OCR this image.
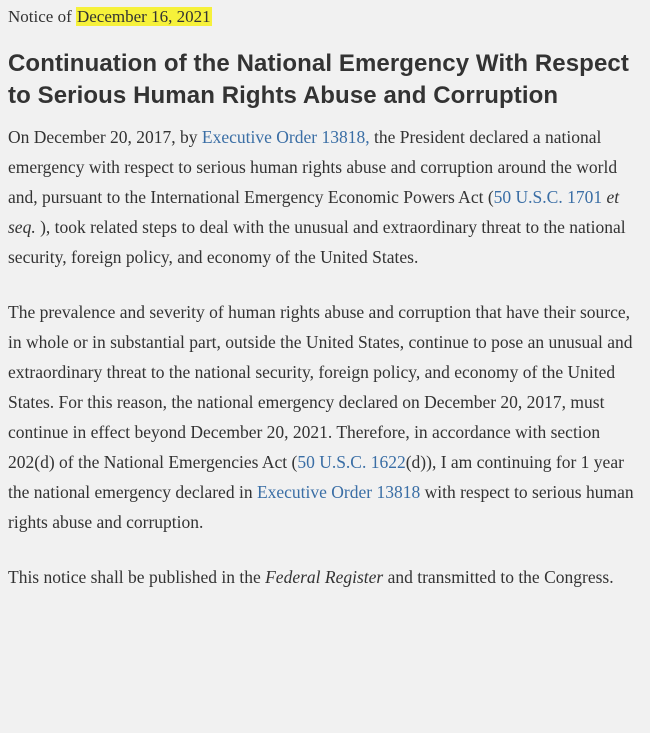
Notice of December 16, 2021

Continuation of the National Emergency With Respect to Serious Human Rights Abuse and Corruption

On December 20, 2017, by Executive Order 13818, the President declared a national emergency with respect to serious human rights abuse and corruption around the world and, pursuant to the International Emergency Economic Powers Act (50 U.S.C. 1701 et seq. ), took related steps to deal with the unusual and extraordinary threat to the national security, foreign policy, and economy of the United States.

The prevalence and severity of human rights abuse and corruption that have their source, in whole or in substantial part, outside the United States, continue to pose an unusual and extraordinary threat to the national security, foreign policy, and economy of the United States. For this reason, the national emergency declared on December 20, 2017, must continue in effect beyond December 20, 2021. Therefore, in accordance with section 202(d) of the National Emergencies Act (50 U.S.C. 1622(d)), I am continuing for 1 year the national emergency declared in Executive Order 13818 with respect to serious human rights abuse and corruption.

This notice shall be published in the Federal Register and transmitted to the Congress.
